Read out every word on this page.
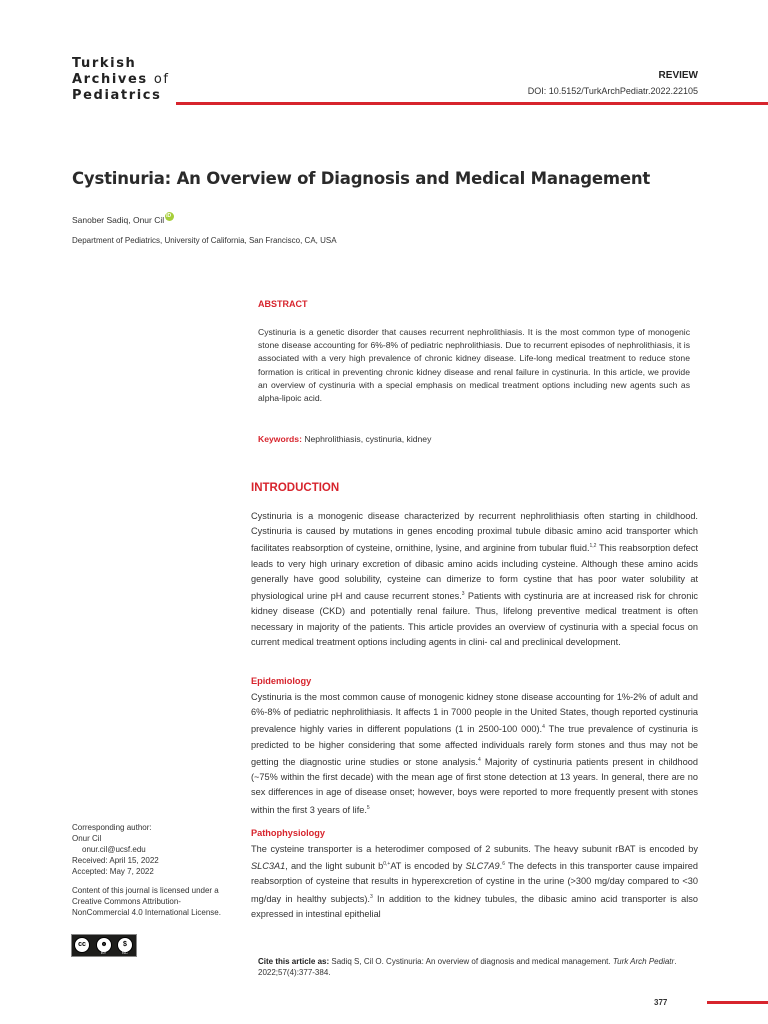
Turkish
Archives of
Pediatrics
REVIEW
DOI: 10.5152/TurkArchPediatr.2022.22105
Cystinuria: An Overview of Diagnosis and Medical Management
Sanober Sadiq, Onur CiliD
Department of Pediatrics, University of California, San Francisco, CA, USA
ABSTRACT
Cystinuria is a genetic disorder that causes recurrent nephrolithiasis. It is the most common type of monogenic stone disease accounting for 6%-8% of pediatric nephrolithiasis. Due to recurrent episodes of nephrolithiasis, it is associated with a very high prevalence of chronic kidney disease. Life-long medical treatment to reduce stone formation is critical in preventing chronic kidney disease and renal failure in cystinuria. In this article, we provide an overview of cystinuria with a special emphasis on medical treatment options including new agents such as alpha-lipoic acid.
Keywords: Nephrolithiasis, cystinuria, kidney
INTRODUCTION
Cystinuria is a monogenic disease characterized by recurrent nephrolithiasis often starting in childhood. Cystinuria is caused by mutations in genes encoding proximal tubule dibasic amino acid transporter which facilitates reabsorption of cysteine, ornithine, lysine, and arginine from tubular fluid.$^{1,2}$ This reabsorption defect leads to very high urinary excretion of dibasic amino acids including cysteine. Although these amino acids generally have good solubility, cysteine can dimerize to form cystine that has poor water solubility at physiological urine pH and cause recurrent stones.$^3$ Patients with cystinuria are at increased risk for chronic kidney disease (CKD) and potentially renal failure. Thus, lifelong preventive medical treatment is often necessary in majority of the patients. This article provides an overview of cystinuria with a special focus on current medical treatment options including agents in clini- cal and preclinical development.
Epidemiology
Cystinuria is the most common cause of monogenic kidney stone disease accounting for 1%-2% of adult and 6%-8% of pediatric nephrolithiasis. It affects 1 in 7000 people in the United States, though reported cystinuria prevalence highly varies in different populations (1 in 2500-100 000).$^4$ The true prevalence of cystinuria is predicted to be higher considering that some affected individuals rarely form stones and thus may not be getting the diagnostic urine studies or stone analysis.$^4$ Majority of cystinuria patients present in childhood (~75% within the first decade) with the mean age of first stone detection at 13 years. In general, there are no sex differences in age of disease onset; however, boys were reported to more frequently present with stones within the first 3 years of life.$^5$
Pathophysiology
The cysteine transporter is a heterodimer composed of 2 subunits. The heavy subunit rBAT is encoded by SLC3A1, and the light subunit $b^{0,+}AT$ is encoded by SLC7A9.$^6$ The defects in this transporter cause impaired reabsorption of cysteine that results in hyperexcretion of cystine in the urine (>300 mg/day compared to <30 mg/day in healthy subjects).$^3$ In addition to the kidney tubules, the dibasic amino acid transporter is also expressed in intestinal epithelial
Corresponding author:
Onur Cil
onur.cil@ucsf.edu
Received: April 15, 2022
Accepted: May 7, 2022
Content of this journal is licensed under a Creative Commons Attribution-NonCommercial 4.0 International License.
cc	☻	$
BY	NC
Cite this article as: Sadiq S, Cil O. Cystinuria: An overview of diagnosis and medical management. Turk Arch Pediatr. 2022;57(4):377-384.
377
